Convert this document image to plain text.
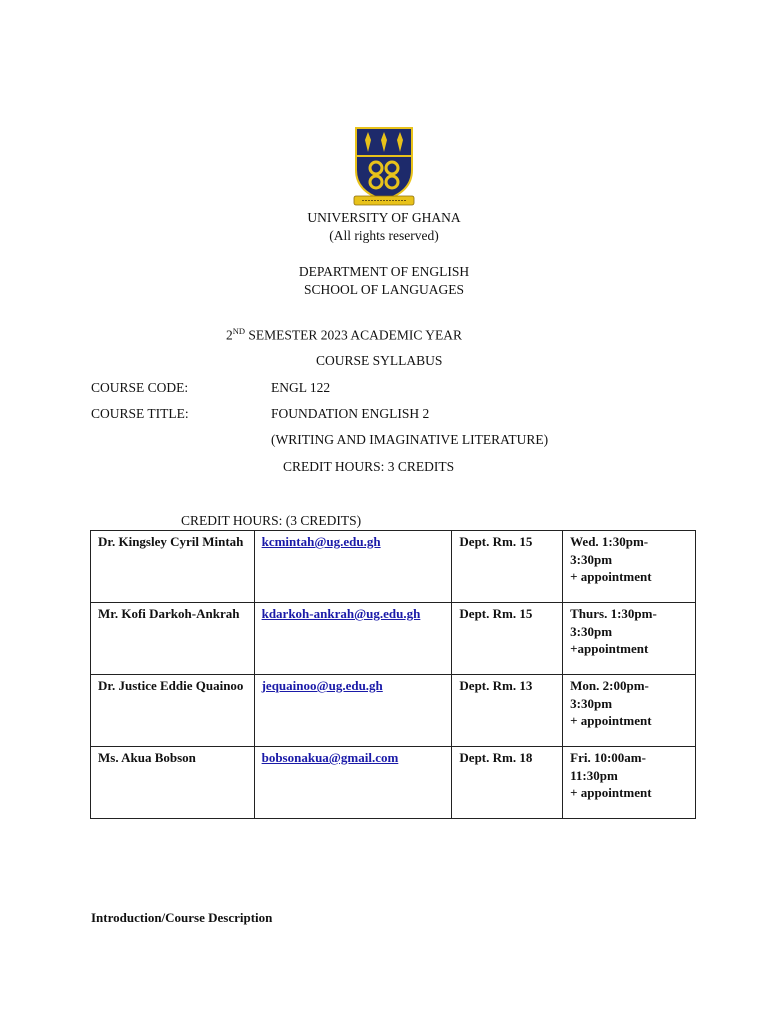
UNIVERSITY OF GHANA
(All rights reserved)
DEPARTMENT OF ENGLISH
SCHOOL OF LANGUAGES
2ND SEMESTER 2023 ACADEMIC YEAR
COURSE SYLLABUS
COURSE CODE:	ENGL 122
COURSE TITLE:	FOUNDATION ENGLISH 2
(WRITING AND IMAGINATIVE LITERATURE)
CREDIT HOURS: 3 CREDITS
CREDIT HOURS: (3 CREDITS)
Dr. Kingsley Cyril Mintah	kcmintah@ug.edu.gh	Dept. Rm. 15	Wed. 1:30pm-3:30pm
+ appointment
Mr. Kofi Darkoh-Ankrah	kdarkoh-ankrah@ug.edu.gh	Dept. Rm. 15	Thurs. 1:30pm-3:30pm
+appointment
Dr. Justice Eddie Quainoo	jequainoo@ug.edu.gh	Dept. Rm. 13	Mon. 2:00pm-3:30pm
+ appointment
Ms. Akua Bobson	bobsonakua@gmail.com	Dept. Rm. 18	Fri. 10:00am-11:30pm
+ appointment
Introduction/Course Description
